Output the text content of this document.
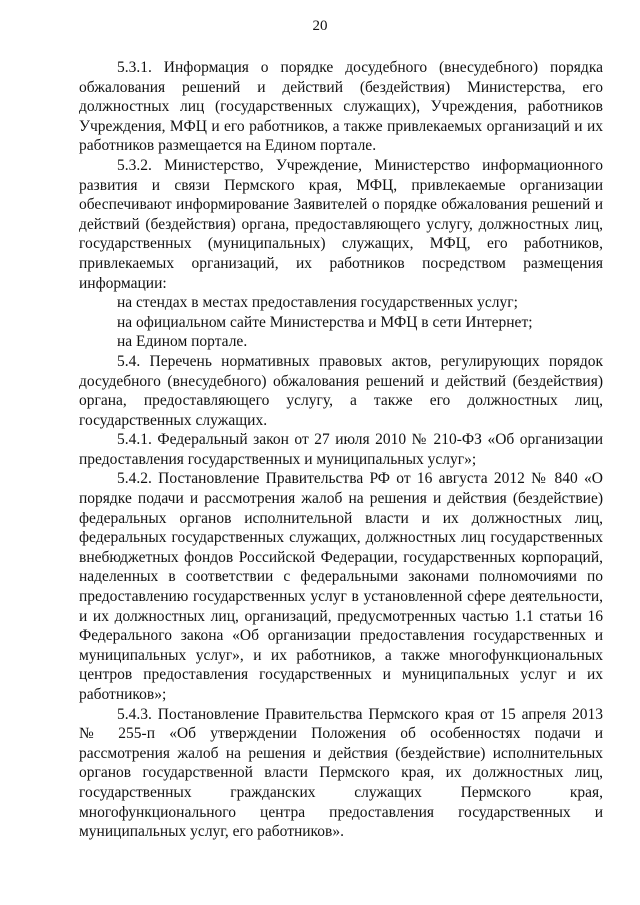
20

5.3.1. Информация о порядке досудебного (внесудебного) порядка обжалования решений и действий (бездействия) Министерства, его должностных лиц (государственных служащих), Учреждения, работников Учреждения, МФЦ и его работников, а также привлекаемых организаций и их работников размещается на Едином портале.

5.3.2. Министерство, Учреждение, Министерство информационного развития и связи Пермского края, МФЦ, привлекаемые организации обеспечивают информирование Заявителей о порядке обжалования решений и действий (бездействия) органа, предоставляющего услугу, должностных лиц, государственных (муниципальных) служащих, МФЦ, его работников, привлекаемых организаций, их работников посредством размещения информации:

на стендах в местах предоставления государственных услуг;

на официальном сайте Министерства и МФЦ в сети Интернет;

на Едином портале.

5.4. Перечень нормативных правовых актов, регулирующих порядок досудебного (внесудебного) обжалования решений и действий (бездействия) органа, предоставляющего услугу, а также его должностных лиц, государственных служащих.

5.4.1. Федеральный закон от 27 июля 2010 № 210-ФЗ «Об организации предоставления государственных и муниципальных услуг»;

5.4.2. Постановление Правительства РФ от 16 августа 2012 № 840 «О порядке подачи и рассмотрения жалоб на решения и действия (бездействие) федеральных органов исполнительной власти и их должностных лиц, федеральных государственных служащих, должностных лиц государственных внебюджетных фондов Российской Федерации, государственных корпораций, наделенных в соответствии с федеральными законами полномочиями по предоставлению государственных услуг в установленной сфере деятельности, и их должностных лиц, организаций, предусмотренных частью 1.1 статьи 16 Федерального закона «Об организации предоставления государственных и муниципальных услуг», и их работников, а также многофункциональных центров предоставления государственных и муниципальных услуг и их работников»;

5.4.3. Постановление Правительства Пермского края от 15 апреля 2013 № 255-п «Об утверждении Положения об особенностях подачи и рассмотрения жалоб на решения и действия (бездействие) исполнительных органов государственной власти Пермского края, их должностных лиц, государственных гражданских служащих Пермского края, многофункционального центра предоставления государственных и муниципальных услуг, его работников».
